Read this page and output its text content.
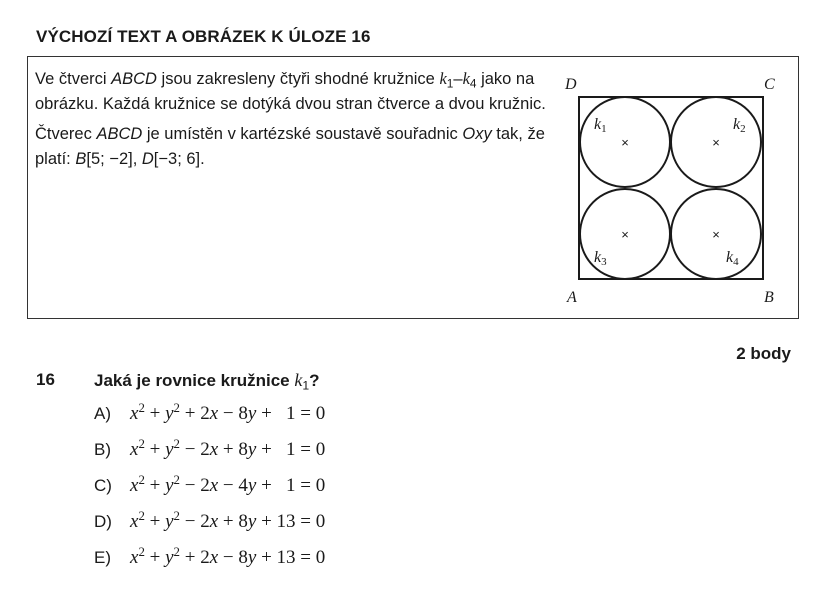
VÝCHOZÍ TEXT A OBRÁZEK K ÚLOZE 16

Ve čtverci ABCD jsou zakresleny čtyři shodné kružnice $k_1-k_4$ jako na obrázku. Každá kružnice se dotýká dvou stran čtverce a dvou kružnic.

Čtverec ABCD je umístěn v kartézské soustavě souřadnic Oxy tak, že platí: B[5; −2], D[−3; 6].

×	×
×	×
D	C
A	B
k1	k2
k3	k4
2 body
16 Jaká je rovnice kružnice $k_1$?
A)	$x^2 + y^2 + 2x - 8y + 1 = 0$
B)	$x^2 + y^2 - 2x + 8y + 1 = 0$
C) $x^2 + y^2 - 2x - 4y + 1 = 0$
D) $x^2 + y^2 - 2x + 8y + 13 = 0$
E)	$x^2 + y^2 + 2x - 8y + 13 = 0$
